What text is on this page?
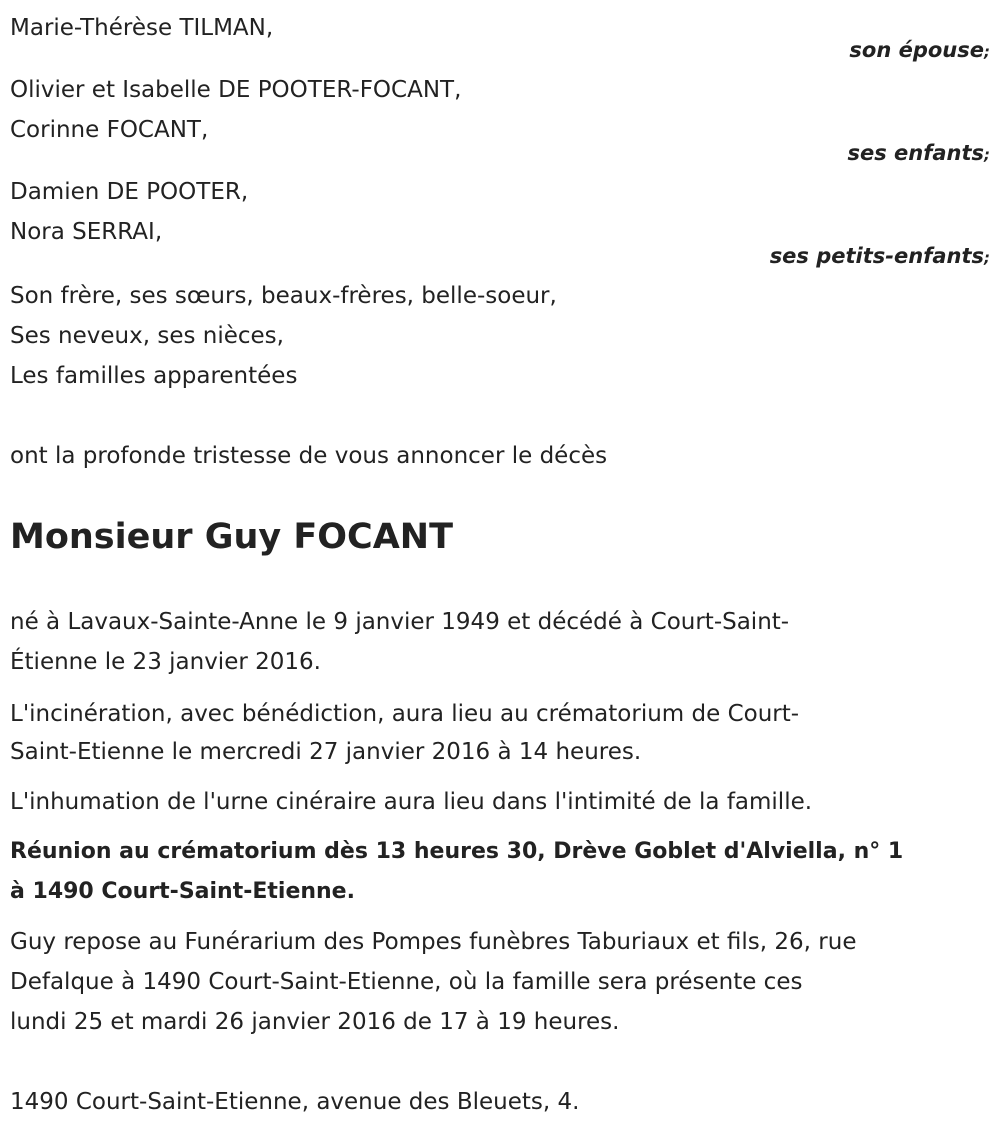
Marie-Thérèse TILMAN,
son épouse;
Olivier et Isabelle DE POOTER-FOCANT,
Corinne FOCANT,
ses enfants;
Damien DE POOTER,
Nora SERRAI,
ses petits-enfants;
Son frère, ses sœurs, beaux-frères, belle-soeur,
Ses neveux, ses nièces,
Les familles apparentées
ont la profonde tristesse de vous annoncer le décès
Monsieur Guy FOCANT
né à Lavaux-Sainte-Anne le 9 janvier 1949 et décédé à Court-Saint-
Étienne le 23 janvier 2016.
L'incinération, avec bénédiction, aura lieu au crématorium de Court-
Saint-Etienne le mercredi 27 janvier 2016 à 14 heures.
L'inhumation de l'urne cinéraire aura lieu dans l'intimité de la famille.
Réunion au crématorium dès 13 heures 30, Drève Goblet d'Alviella, n° 1
à 1490 Court-Saint-Etienne.
Guy repose au Funérarium des Pompes funèbres Taburiaux et fils, 26, rue
Defalque à 1490 Court-Saint-Etienne, où la famille sera présente ces
lundi 25 et mardi 26 janvier 2016 de 17 à 19 heures.
1490 Court-Saint-Etienne, avenue des Bleuets, 4.
